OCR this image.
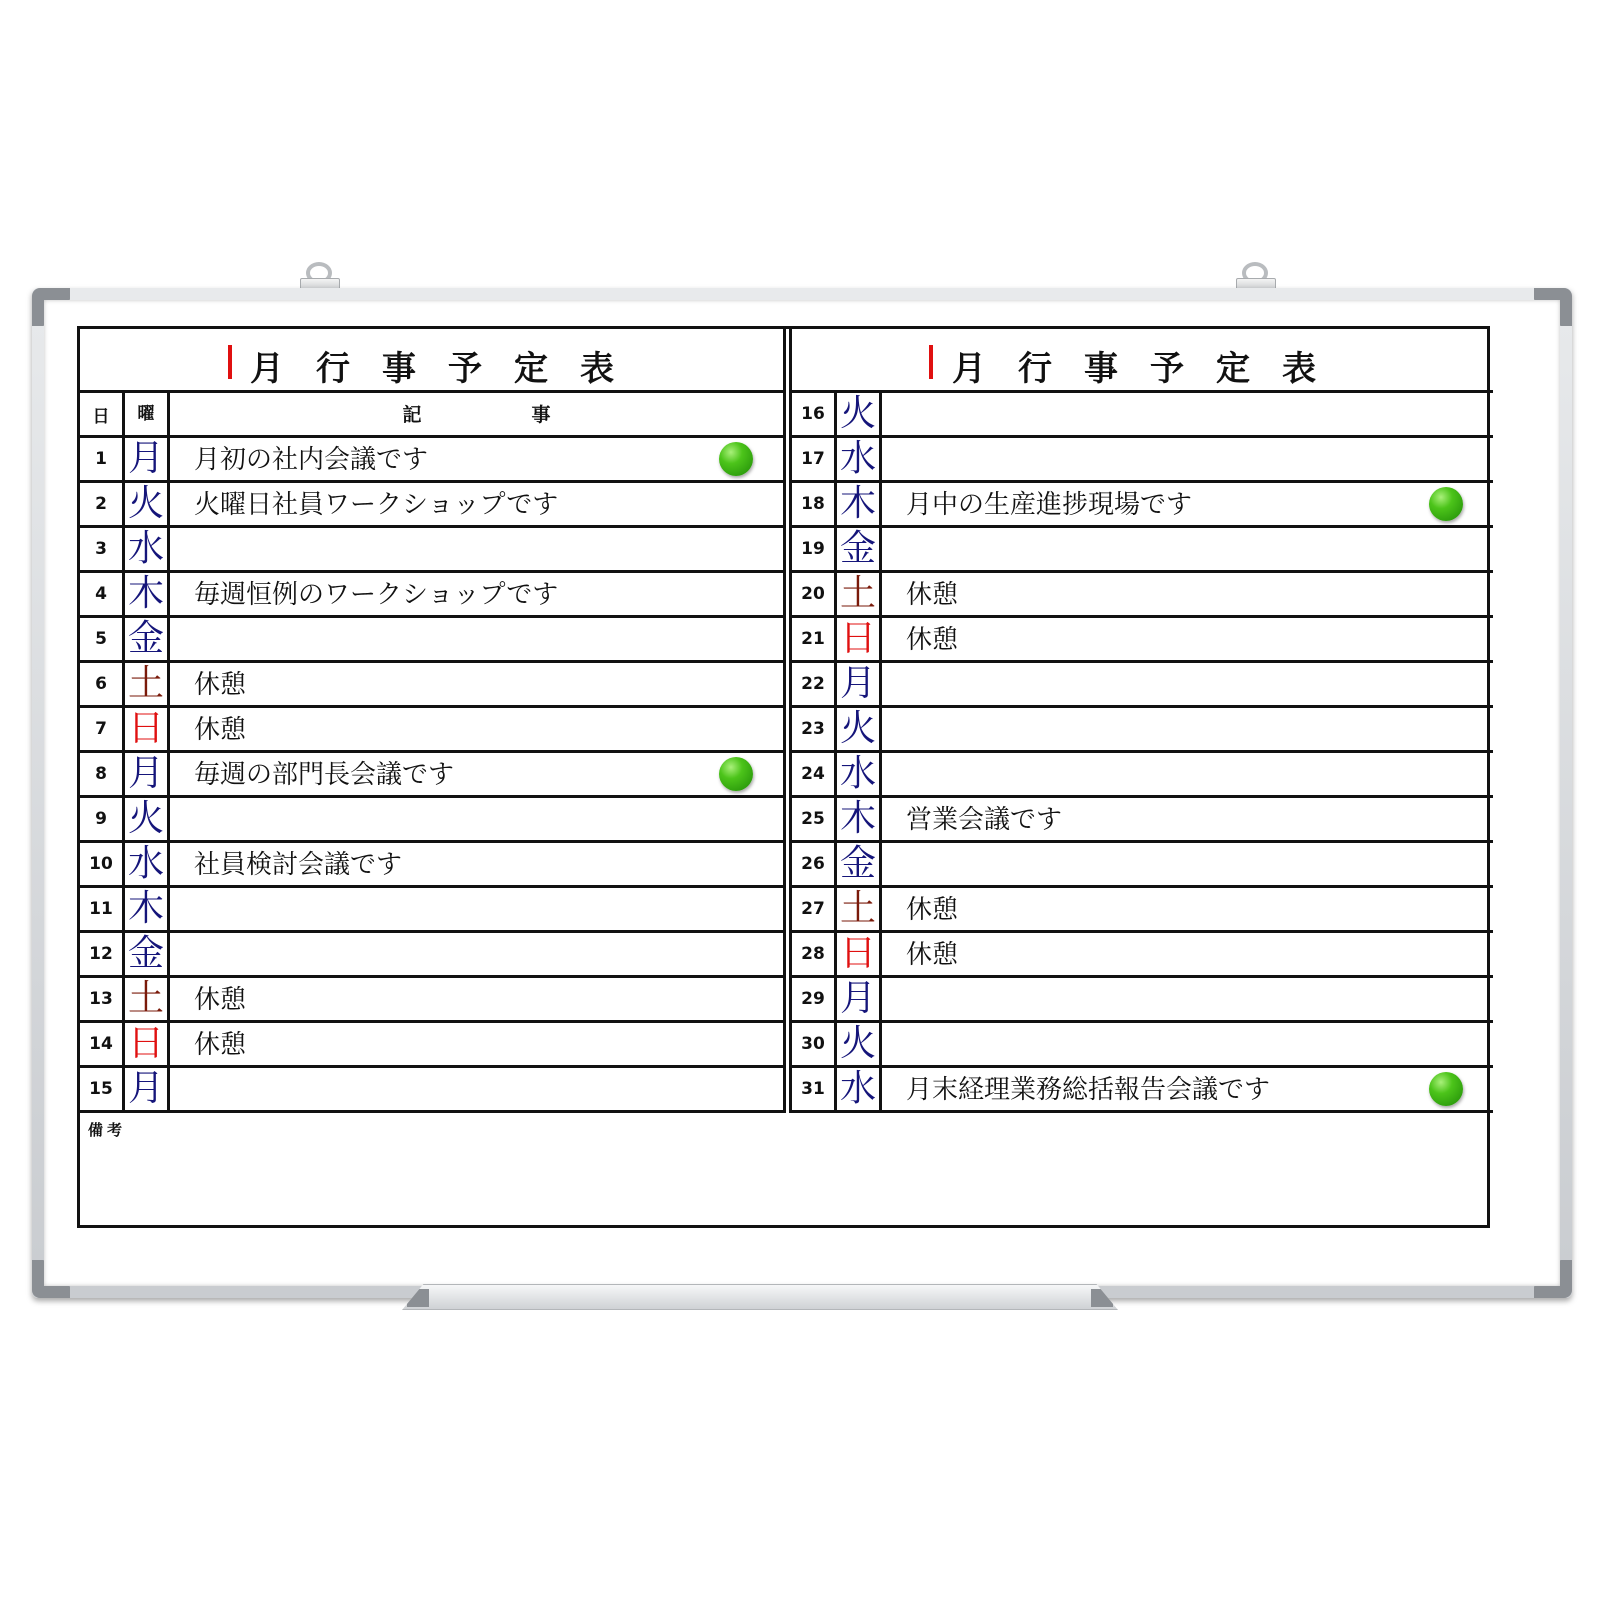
月行事予定表
日	曜	記	事
1 月	月初の社内会議です
2 火	火曜日社員ワークショップです
3 水
4 木	毎週恒例のワークショップです
5 金
6 土	休憩
7 日	休憩
8 月	毎週の部門長会議です
9 火
10 水	社員検討会議です
11 木
12 金
13 土	休憩
14 日	休憩
15 月
月行事予定表
16 火
17 水
18 木	月中の生産進捗現場です
19 金
20 土	休憩
21 日	休憩
22 月
23 火
24 水
25 木	営業会議です
26 金
27 土	休憩
28 日	休憩
29 月
30 火
31 水	月末経理業務総括報告会議です
備考
